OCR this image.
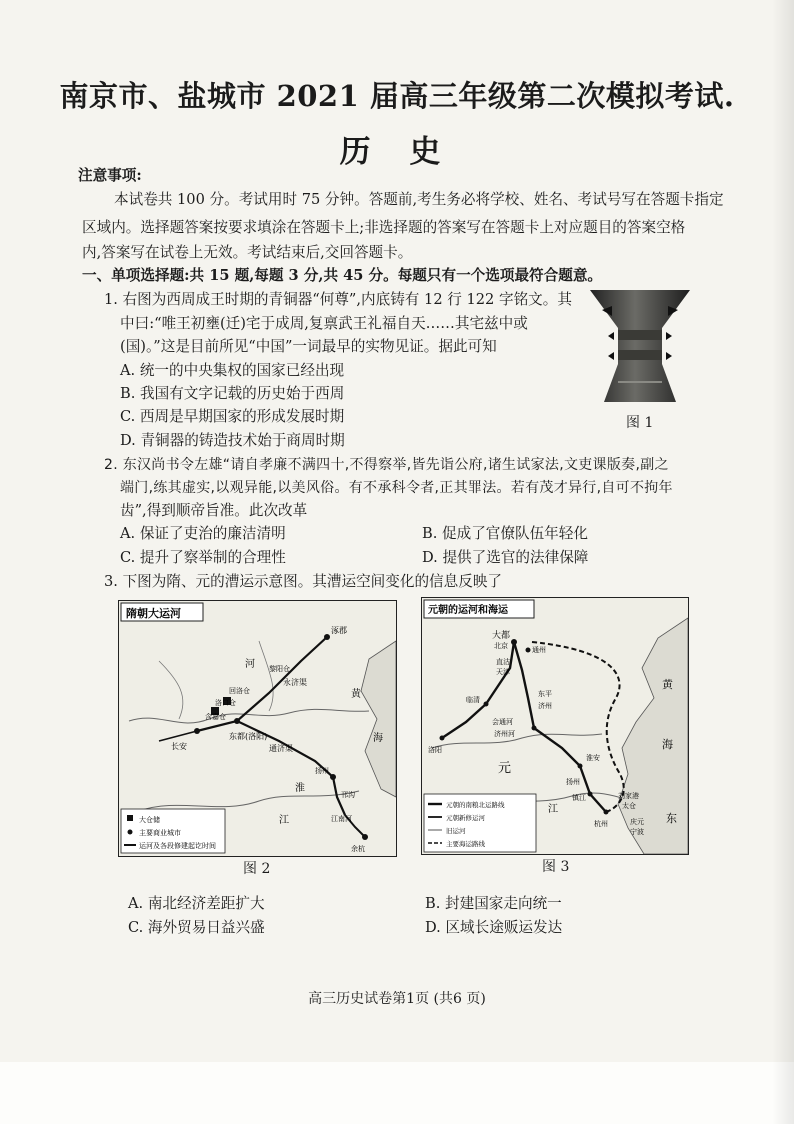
南京市、盐城市 2021 届高三年级第二次模拟考试.
历 史
注意事项:
本试卷共 100 分。考试用时 75 分钟。答题前,考生务必将学校、姓名、考试号写在答题卡指定
区域内。选择题答案按要求填涂在答题卡上;非选择题的答案写在答题卡上对应题目的答案空格
内,答案写在试卷上无效。考试结束后,交回答题卡。
一、单项选择题:共 15 题,每题 3 分,共 45 分。每题只有一个选项最符合题意。
1. 右图为西周成王时期的青铜器“何尊”,内底铸有 12 行 122 字铭文。其
中曰:“唯王初壅(迁)宅于成周,复禀武王礼福自天……其宅兹中或
(国)。”这是目前所见“中国”一词最早的实物见证。据此可知
A. 统一的中央集权的国家已经出现
B. 我国有文字记载的历史始于西周
C. 西周是早期国家的形成发展时期
D. 青铜器的铸造技术始于商周时期
图 1
2. 东汉尚书令左雄“请自孝廉不满四十,不得察举,皆先诣公府,诸生试家法,文吏课版奏,副之
端门,练其虚实,以观异能,以美风俗。有不承科令者,正其罪法。若有茂才异行,自可不拘年
齿”,得到顺帝旨准。此次改革
A. 保证了吏治的廉洁清明	B. 促成了官僚队伍年轻化
C. 提升了察举制的合理性	D. 提供了选官的法律保障
3. 下图为隋、元的漕运示意图。其漕运空间变化的信息反映了
隋朝大运河
长安
东都(洛阳)
洛口仓
回洛仓
含嘉仓
黎阳仓
永济渠
通济渠
邗沟
江南河
余杭
涿郡
扬州
河
黄
淮
江
海
大仓储
主要商业城市
运河及各段修建起讫时间
图 2
元朝的运河和海运
大都
北京	通州
直沽
天津
临清
济州
东平
会通河
济州河
洛阳
元
淮安
扬州
镇江
江
杭州
刘家港
太仓
庆元
宁波
黄
海
东
元朝的南粮北运路线
元朝新修运河
旧运河
主要海运路线
图 3
A. 南北经济差距扩大	B. 封建国家走向统一
C. 海外贸易日益兴盛	D. 区域长途贩运发达
高三历史试卷第1页 (共6 页)
